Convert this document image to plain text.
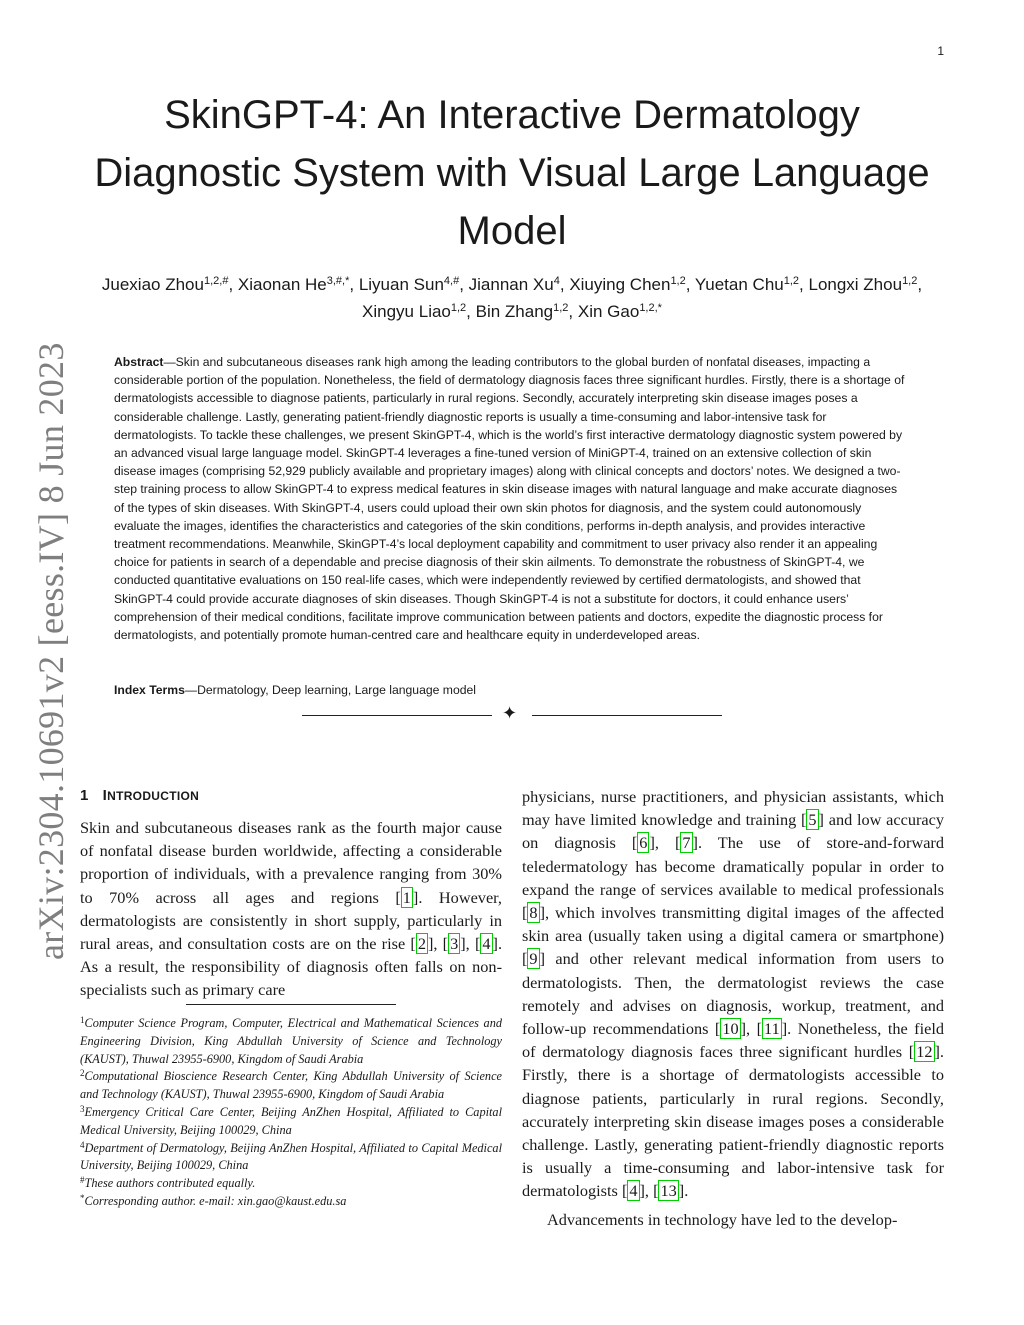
1
arXiv:2304.10691v2 [eess.IV] 8 Jun 2023
SkinGPT-4: An Interactive Dermatology Diagnostic System with Visual Large Language Model
Juexiao Zhou$^{1,2,\#}$, Xiaonan $He^{3,\#,*}$, Liyuan Sun$^{4,\#}$, Jiannan Xu$^4$, Xiuying Chen$^{1,2}$, Yuetan Chu$^{1,2}$, Longxi Zhou$^{1,2}$, Xingyu Liao$^{1,2}$, Bin Zhang$^{1,2}$, Xin Gao$^{1,2,*}$
Abstract—Skin and subcutaneous diseases rank high among the leading contributors to the global burden of nonfatal diseases, impacting a considerable portion of the population. Nonetheless, the field of dermatology diagnosis faces three significant hurdles. Firstly, there is a shortage of dermatologists accessible to diagnose patients, particularly in rural regions. Secondly, accurately interpreting skin disease images poses a considerable challenge. Lastly, generating patient-friendly diagnostic reports is usually a time-consuming and labor-intensive task for dermatologists. To tackle these challenges, we present SkinGPT-4, which is the world’s first interactive dermatology diagnostic system powered by an advanced visual large language model. SkinGPT-4 leverages a fine-tuned version of MiniGPT-4, trained on an extensive collection of skin disease images (comprising 52,929 publicly available and proprietary images) along with clinical concepts and doctors’ notes. We designed a two-step training process to allow SkinGPT-4 to express medical features in skin disease images with natural language and make accurate diagnoses of the types of skin diseases. With SkinGPT-4, users could upload their own skin photos for diagnosis, and the system could autonomously evaluate the images, identifies the characteristics and categories of the skin conditions, performs in-depth analysis, and provides interactive treatment recommendations. Meanwhile, SkinGPT-4’s local deployment capability and commitment to user privacy also render it an appealing choice for patients in search of a dependable and precise diagnosis of their skin ailments. To demonstrate the robustness of SkinGPT-4, we conducted quantitative evaluations on 150 real-life cases, which were independently reviewed by certified dermatologists, and showed that SkinGPT-4 could provide accurate diagnoses of skin diseases. Though SkinGPT-4 is not a substitute for doctors, it could enhance users’ comprehension of their medical conditions, facilitate improve communication between patients and doctors, expedite the diagnostic process for dermatologists, and potentially promote human-centred care and healthcare equity in underdeveloped areas.
Index Terms—Dermatology, Deep learning, Large language model
✦
1 INTRODUCTION

Skin and subcutaneous diseases rank as the fourth major cause of nonfatal disease burden worldwide, affecting a considerable proportion of individuals, with a prevalence ranging from 30% to 70% across all ages and regions [ 1 ]. However, dermatologists are consistently in short supply, particularly in rural areas, and consultation costs are on the rise [ 2 ], [ 3 ], [ 4 ]. As a result, the responsibility of diagnosis often falls on non-specialists such as primary care

$^1$Computer Science Program, Computer, Electrical and Mathematical Sciences and Engineering Division, King Abdullah University of Science and Technology (KAUST), Thuwal 23955-6900, Kingdom of Saudi Arabia

$^2$Computational Bioscience Research Center, King Abdullah University of Science and Technology (KAUST), Thuwal 23955-6900, Kingdom of Saudi Arabia

$^3$Emergency Critical Care Center, Beijing AnZhen Hospital, Affiliated to Capital Medical University, Beijing 100029, China

$^4$Department of Dermatology, Beijing AnZhen Hospital, Affiliated to Capital Medical University, Beijing 100029, China

#These authors contributed equally.

*Corresponding author. e-mail: xin.gao@kaust.edu.sa

physicians, nurse practitioners, and physician assistants, which may have limited knowledge and training [ 5 ] and low accuracy on diagnosis [ 6 ], [ 7 ]. The use of store-and-forward teledermatology has become dramatically popular in order to expand the range of services available to medical professionals [ 8 ], which involves transmitting digital images of the affected skin area (usually taken using a digital camera or smartphone) [ 9 ] and other relevant medical information from users to dermatologists. Then, the dermatologist reviews the case remotely and advises on diagnosis, workup, treatment, and follow-up recommendations [ 10 ], [ 11 ]. Nonetheless, the field of dermatology diagnosis faces three significant hurdles [ 12 ]. Firstly, there is a shortage of dermatologists accessible to diagnose patients, particularly in rural regions. Secondly, accurately interpreting skin disease images poses a considerable challenge. Lastly, generating patient-friendly diagnostic reports is usually a time-consuming and labor-intensive task for dermatologists [ 4 ], [ 13 ].

Advancements in technology have led to the develop-
